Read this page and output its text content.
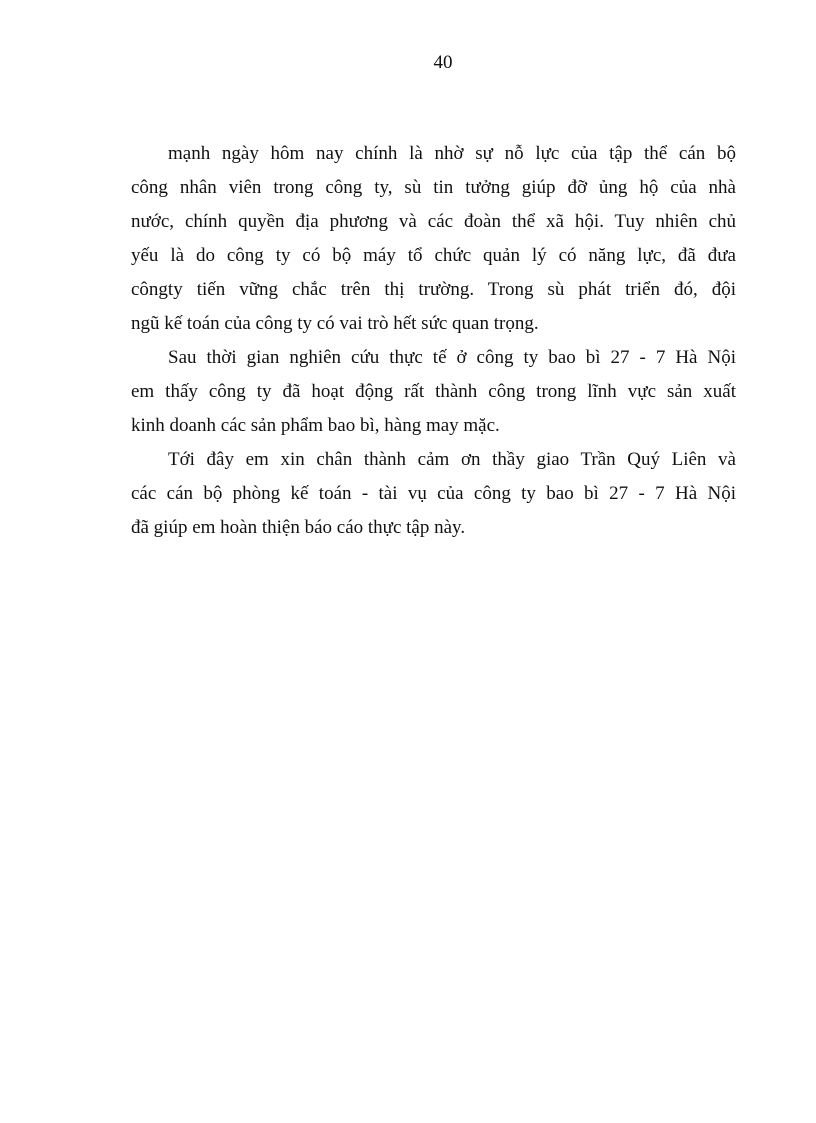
40

mạnh ngày hôm nay chính là nhờ sự nỗ lực của tập thể cán bộ
công nhân viên trong công ty, sù tin tưởng giúp đỡ ủng hộ của nhà
nước, chính quyền địa phương và các đoàn thể xã hội. Tuy nhiên chủ
yếu là do công ty có bộ máy tổ chức quản lý có năng lực, đã đưa
côngty tiến vững chắc trên thị trường. Trong sù phát triển đó, đội
ngũ kế toán của công ty có vai trò hết sức quan trọng.

Sau thời gian nghiên cứu thực tế ở công ty bao bì 27 - 7 Hà Nội
em thấy công ty đã hoạt động rất thành công trong lĩnh vực sản xuất
kinh doanh các sản phẩm bao bì, hàng may mặc.

Tới đây em xin chân thành cảm ơn thầy giao Trần Quý Liên và
các cán bộ phòng kế toán - tài vụ của công ty bao bì 27 - 7 Hà Nội
đã giúp em hoàn thiện báo cáo thực tập này.
